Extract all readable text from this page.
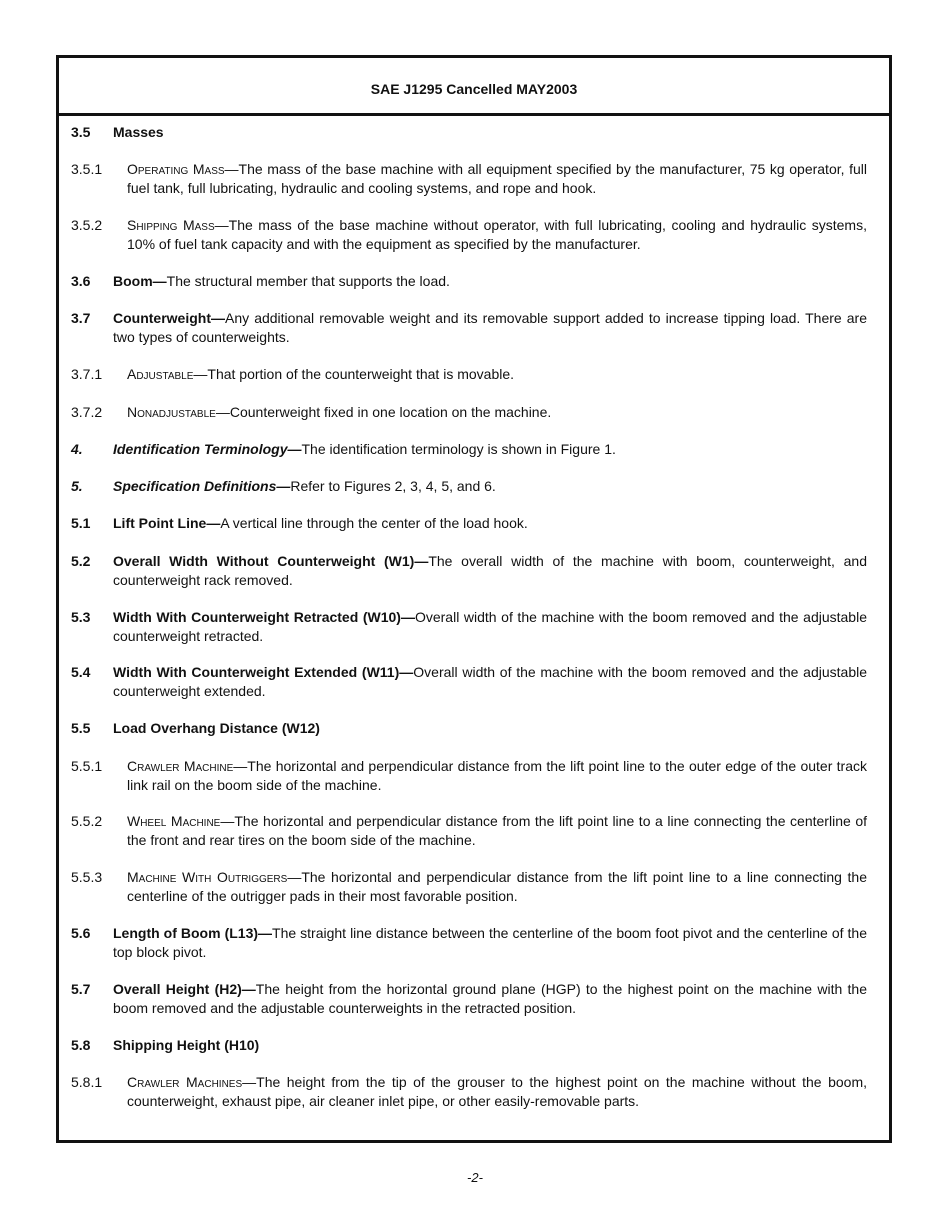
SAE J1295 Cancelled MAY2003
3.5 Masses
3.5.1 Operating Mass—The mass of the base machine with all equipment specified by the manufacturer, 75 kg operator, full fuel tank, full lubricating, hydraulic and cooling systems, and rope and hook.
3.5.2 Shipping Mass—The mass of the base machine without operator, with full lubricating, cooling and hydraulic systems, 10% of fuel tank capacity and with the equipment as specified by the manufacturer.
3.6 Boom—The structural member that supports the load.
3.7 Counterweight—Any additional removable weight and its removable support added to increase tipping load. There are two types of counterweights.
3.7.1 Adjustable—That portion of the counterweight that is movable.
3.7.2 Nonadjustable—Counterweight fixed in one location on the machine.
4. Identification Terminology—The identification terminology is shown in Figure 1.
5. Specification Definitions—Refer to Figures 2, 3, 4, 5, and 6.
5.1 Lift Point Line—A vertical line through the center of the load hook.
5.2 Overall Width Without Counterweight (W1)—The overall width of the machine with boom, counterweight, and counterweight rack removed.
5.3 Width With Counterweight Retracted (W10)—Overall width of the machine with the boom removed and the adjustable counterweight retracted.
5.4 Width With Counterweight Extended (W11)—Overall width of the machine with the boom removed and the adjustable counterweight extended.
5.5 Load Overhang Distance (W12)
5.5.1 Crawler Machine—The horizontal and perpendicular distance from the lift point line to the outer edge of the outer track link rail on the boom side of the machine.
5.5.2 Wheel Machine—The horizontal and perpendicular distance from the lift point line to a line connecting the centerline of the front and rear tires on the boom side of the machine.
5.5.3 Machine With Outriggers—The horizontal and perpendicular distance from the lift point line to a line connecting the centerline of the outrigger pads in their most favorable position.
5.6 Length of Boom (L13)—The straight line distance between the centerline of the boom foot pivot and the centerline of the top block pivot.
5.7 Overall Height (H2)—The height from the horizontal ground plane (HGP) to the highest point on the machine with the boom removed and the adjustable counterweights in the retracted position.
5.8 Shipping Height (H10)
5.8.1 Crawler Machines—The height from the tip of the grouser to the highest point on the machine without the boom, counterweight, exhaust pipe, air cleaner inlet pipe, or other easily-removable parts.
-2-
